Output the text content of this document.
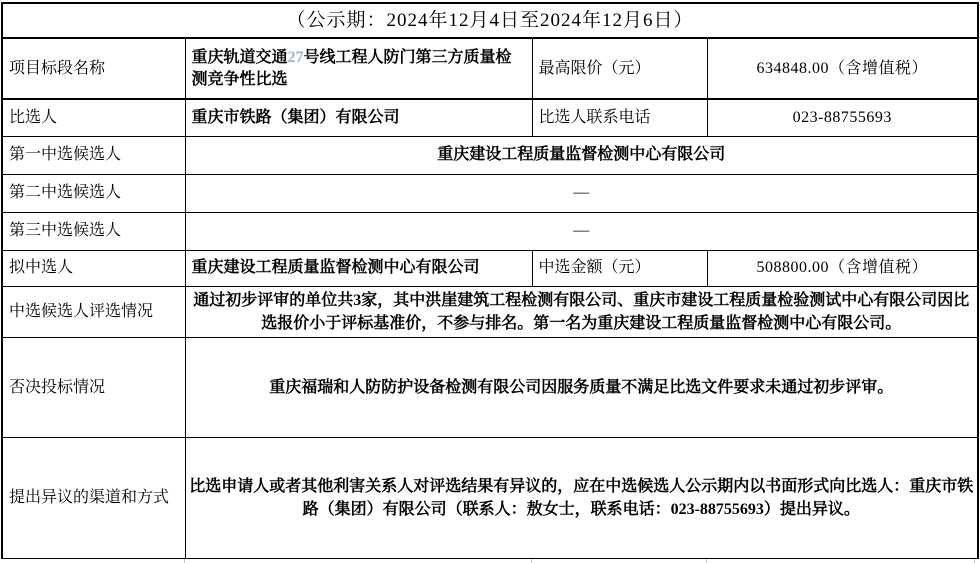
（公示期：2024年12月4日至2024年12月6日）			
项目标段名称	重庆轨道交通27号线工程人防门第三方质量检测竞争性比选	最高限价（元）	634848.00（含增值税）
比选人	重庆市铁路（集团）有限公司	比选人联系电话	023-88755693
第一中选候选人	重庆建设工程质量监督检测中心有限公司		
第二中选候选人	—		
第三中选候选人	—		
拟中选人	重庆建设工程质量监督检测中心有限公司	中选金额（元）	508800.00（含增值税）
中选候选人评选情况	通过初步评审的单位共3家，其中洪崖建筑工程检测有限公司、重庆市建设工程质量检验测试中心有限公司因比选报价小于评标基准价，不参与排名。第一名为重庆建设工程质量监督检测中心有限公司。		
否决投标情况	重庆福瑞和人防防护设备检测有限公司因服务质量不满足比选文件要求未通过初步评审。		
提出异议的渠道和方式	比选申请人或者其他利害关系人对评选结果有异议的，应在中选候选人公示期内以书面形式向比选人：重庆市铁路（集团）有限公司（联系人：敖女士，联系电话：023-88755693）提出异议。		
